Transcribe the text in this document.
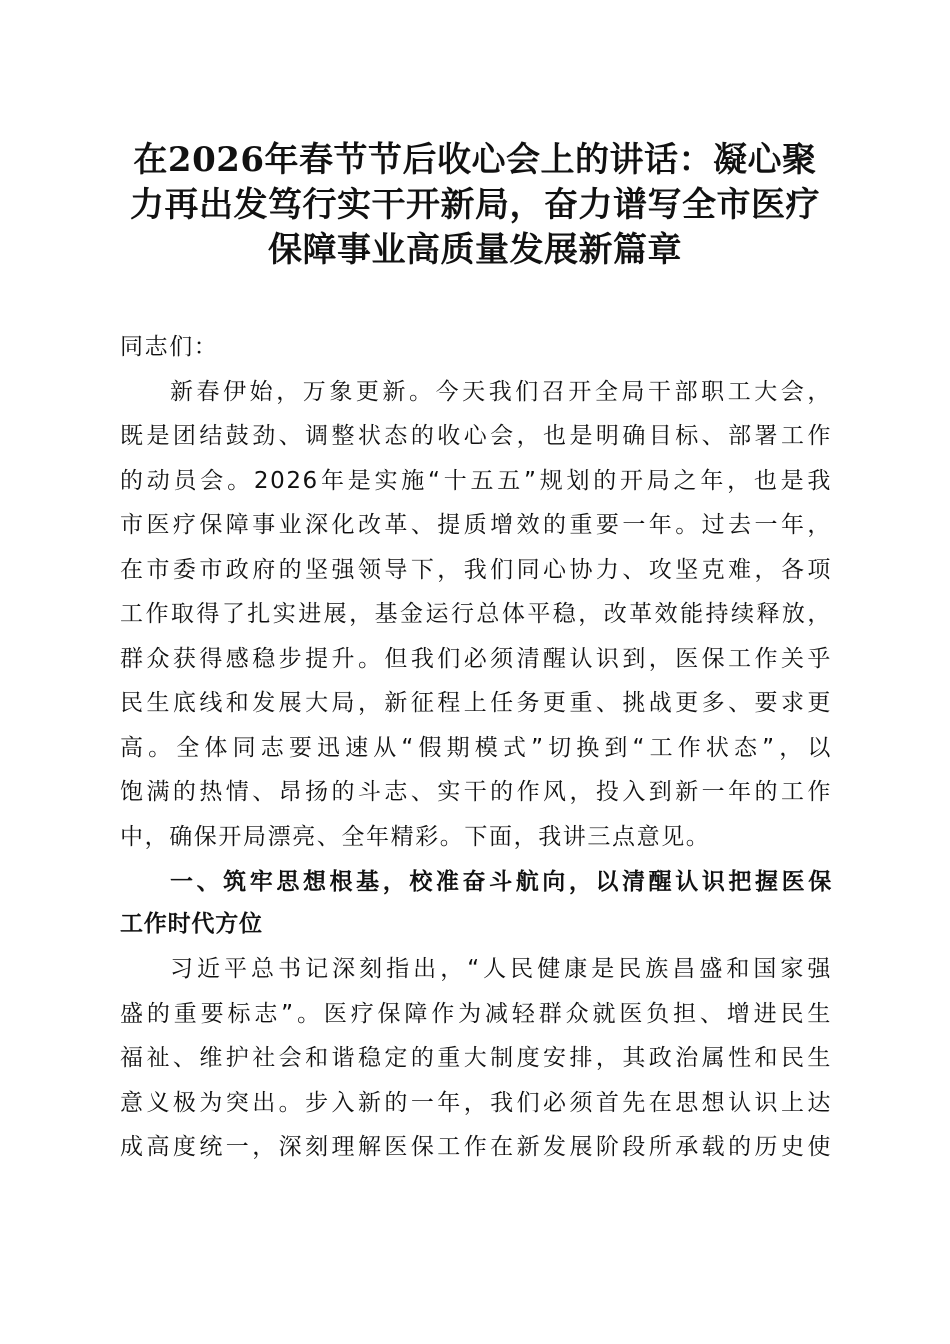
在2026年春节节后收心会上的讲话：凝心聚
力再出发笃行实干开新局，奋力谱写全市医疗
保障事业高质量发展新篇章
同志们：
新春伊始，万象更新。今天我们召开全局干部职工大会，
既是团结鼓劲、调整状态的收心会，也是明确目标、部署工作
的动员会。2026年是实施“十五五”规划的开局之年，也是我
市医疗保障事业深化改革、提质增效的重要一年。过去一年，
在市委市政府的坚强领导下，我们同心协力、攻坚克难，各项
工作取得了扎实进展，基金运行总体平稳，改革效能持续释放，
群众获得感稳步提升。但我们必须清醒认识到，医保工作关乎
民生底线和发展大局，新征程上任务更重、挑战更多、要求更
高。全体同志要迅速从“假期模式”切换到“工作状态”，以
饱满的热情、昂扬的斗志、实干的作风，投入到新一年的工作
中，确保开局漂亮、全年精彩。下面，我讲三点意见。
一、筑牢思想根基，校准奋斗航向，以清醒认识把握医保
工作时代方位
习近平总书记深刻指出，“人民健康是民族昌盛和国家强
盛的重要标志”。医疗保障作为减轻群众就医负担、增进民生
福祉、维护社会和谐稳定的重大制度安排，其政治属性和民生
意义极为突出。步入新的一年，我们必须首先在思想认识上达
成高度统一，深刻理解医保工作在新发展阶段所承载的历史使
